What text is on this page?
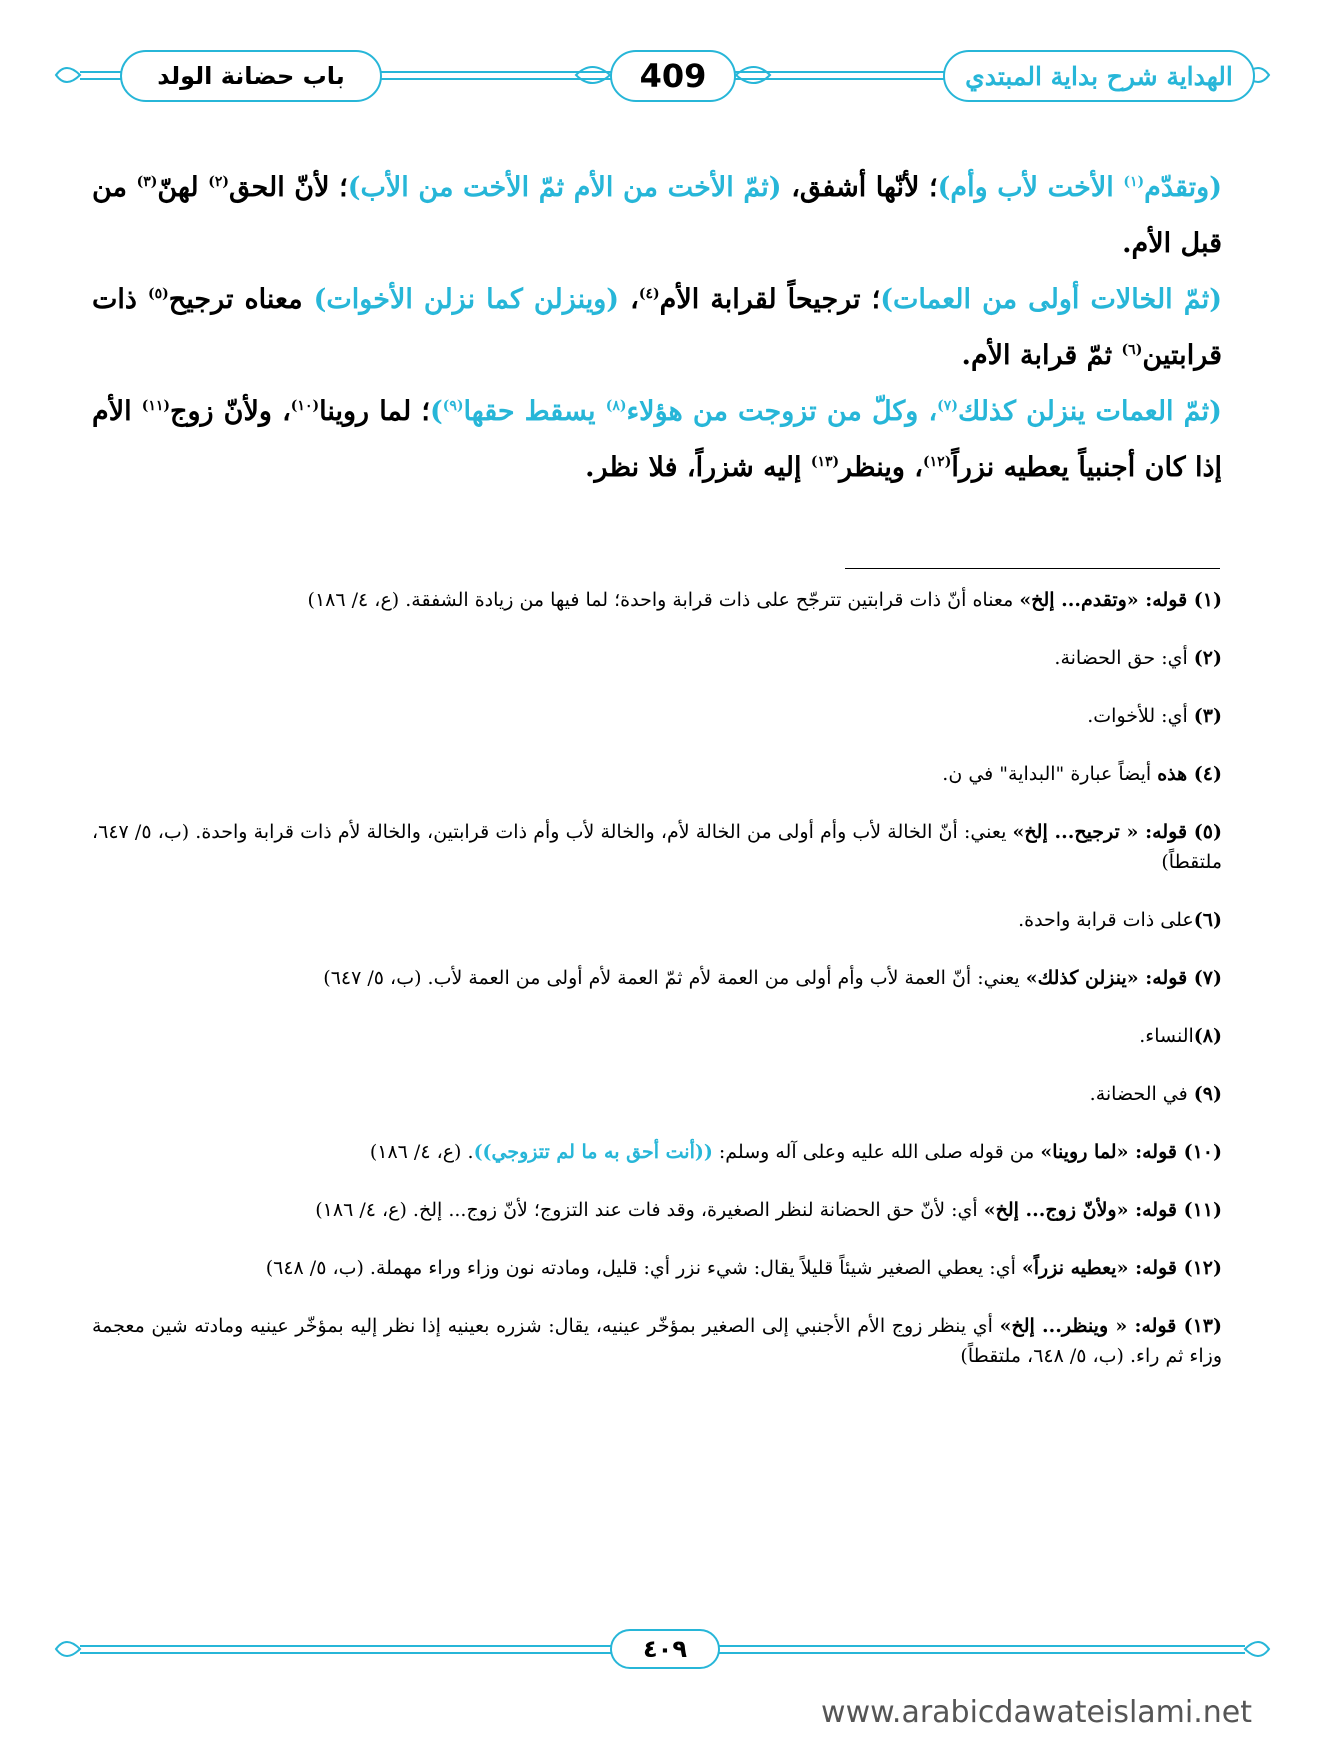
باب حضانة الولد	409	الهداية شرح بداية المبتدي

(وتقدّم$^{(١)}$ الأخت لأب وأم)؛ لأنّها أشفق، (ثمّ الأخت من الأم ثمّ الأخت من الأب)؛ لأنّ الحق$^{(٢)}$ لهنّ$^{(٣)}$ من قبل الأم.

(ثمّ الخالات أولى من العمات)؛ ترجيحاً لقرابة الأم$^{(٤)}$، (وينزلن كما نزلن الأخوات) معناه ترجيح$^{(٥)}$ ذات قرابتين$^{(٦)}$ ثمّ قرابة الأم.

(ثمّ العمات ينزلن كذلك$^{(٧)}$، وكلّ من تزوجت من هؤلاء$^{(٨)}$ يسقط حقها$^{(٩)}$)؛ لما روينا$^{(١٠)}$، ولأنّ زوج$^{(١١)}$ الأم إذا كان أجنبياً يعطيه نزراً$^{(١٢)}$، وينظر$^{(١٣)}$ إليه شزراً، فلا نظر.

(١) قوله: «وتقدم... إلخ» معناه أنّ ذات قرابتين تترجّح على ذات قرابة واحدة؛ لما فيها من زيادة الشفقة. (ع، ٤/ ١٨٦)

(٢) أي: حق الحضانة.

(٣) أي: للأخوات.

(٤) هذه أيضاً عبارة "البداية" في ن.

(٥) قوله: « ترجيح... إلخ» يعني: أنّ الخالة لأب وأم أولى من الخالة لأم، والخالة لأب وأم ذات قرابتين، والخالة لأم ذات قرابة واحدة. (ب، ٥/ ٦٤٧، ملتقطاً)

(٦)على ذات قرابة واحدة.

(٧) قوله: «ينزلن كذلك» يعني: أنّ العمة لأب وأم أولى من العمة لأم ثمّ العمة لأم أولى من العمة لأب. (ب، ٥/ ٦٤٧)

(٨)النساء.

(٩) في الحضانة.

(١٠) قوله: «لما روينا» من قوله صلى الله عليه وعلى آله وسلم: ((أنت أحق به ما لم تتزوجي)). (ع، ٤/ ١٨٦)

(١١) قوله: «ولأنّ زوج... إلخ» أي: لأنّ حق الحضانة لنظر الصغيرة، وقد فات عند التزوج؛ لأنّ زوج... إلخ. (ع، ٤/ ١٨٦)

(١٢) قوله: «يعطيه نزراً» أي: يعطي الصغير شيئاً قليلاً يقال: شيء نزر أي: قليل، ومادته نون وزاء وراء مهملة. (ب، ٥/ ٦٤٨)

(١٣) قوله: « وينظر... إلخ» أي ينظر زوج الأم الأجنبي إلى الصغير بمؤخّر عينيه، يقال: شزره بعينيه إذا نظر إليه بمؤخّر عينيه ومادته شين معجمة وزاء ثم راء. (ب، ٥/ ٦٤٨، ملتقطاً)

٤٠٩
www.arabicdawateislami.net
